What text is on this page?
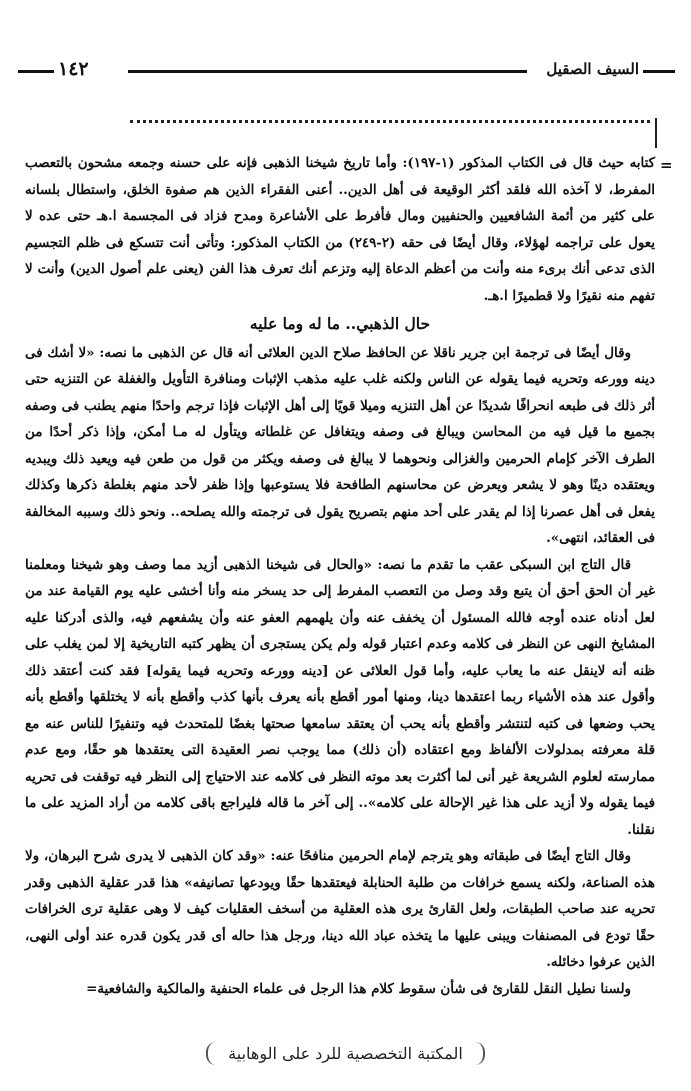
السيف الصقيل
١٤٢
=

كتابه حيث قال فى الكتاب المذكور (١-١٩٧): وأما تاريخ شيخنا الذهبى فإنه على حسنه وجمعه مشحون بالتعصب المفرط، لا آخذه الله فلقد أكثر الوقيعة فى أهل الدين.. أعنى الفقراء الذين هم صفوة الخلق، واستطال بلسانه على كثير من أئمة الشافعيين والحنفيين ومال فأفرط على الأشاعرة ومدح فزاد فى المجسمة ا.هـ حتى عده لا يعول على تراجمه لهؤلاء، وقال أيضًا فى حقه (٢-٢٤٩) من الكتاب المذكور: وتأتى أنت تتسكع فى ظلم التجسيم الذى تدعى أنك برىء منه وأنت من أعظم الدعاة إليه وتزعم أنك تعرف هذا الفن (يعنى علم أصول الدين) وأنت لا تفهم منه نقيرًا ولا قطميرًا ا.هـ.

حال الذهبي.. ما له وما عليه

وقال أيضًا فى ترجمة ابن جرير ناقلا عن الحافظ صلاح الدين العلائى أنه قال عن الذهبى ما نصه: «لا أشك فى دينه وورعه وتحريه فيما يقوله عن الناس ولكنه غلب عليه مذهب الإثبات ومنافرة التأويل والغفلة عن التنزيه حتى أثر ذلك فى طبعه انحرافًا شديدًا عن أهل التنزيه وميلا قويًا إلى أهل الإثبات فإذا ترجم واحدًا منهم يطنب فى وصفه بجميع ما قيل فيه من المحاسن ويبالغ فى وصفه ويتغافل عن غلطاته ويتأول له مـا أمكن، وإذا ذكر أحدًا من الطرف الآخر كإمام الحرمين والغزالى ونحوهما لا يبالغ فى وصفه ويكثر من قول من طعن فيه ويعيد ذلك ويبديه ويعتقده دينًا وهو لا يشعر ويعرض عن محاسنهم الطافحة فلا يستوعبها وإذا ظفر لأحد منهم بغلطة ذكرها وكذلك يفعل فى أهل عصرنا إذا لم يقدر على أحد منهم بتصريح يقول فى ترجمته والله يصلحه.. ونحو ذلك وسببه المخالفة فى العقائد، انتهى».

قال التاج ابن السبكى عقب ما تقدم ما نصه: «والحال فى شيخنا الذهبى أزيد مما وصف وهو شيخنا ومعلمنا غير أن الحق أحق أن يتبع وقد وصل من التعصب المفرط إلى حد يسخر منه وأنا أخشى عليه يوم القيامة عند من لعل أدناه عنده أوجه فالله المسئول أن يخفف عنه وأن يلهمهم العفو عنه وأن يشفعهم فيه، والذى أدركنا عليه المشايخ النهى عن النظر فى كلامه وعدم اعتبار قوله ولم يكن يستجرى أن يظهر كتبه التاريخية إلا لمن يغلب على ظنه أنه لاينقل عنه ما يعاب عليه، وأما قول العلائى عن [دينه وورعه وتحريه فيما يقوله] فقد كنت أعتقد ذلك وأقول عند هذه الأشياء ربما اعتقدها دينا، ومنها أمور أقطع بأنه يعرف بأنها كذب وأقطع بأنه لا يختلقها وأقطع بأنه يحب وضعها فى كتبه لتنتشر وأقطع بأنه يحب أن يعتقد سامعها صحتها بغضًا للمتحدث فيه وتنفيرًا للناس عنه مع قلة معرفته بمدلولات الألفاظ ومع اعتقاده (أن ذلك) مما يوجب نصر العقيدة التى يعتقدها هو حقًا، ومع عدم ممارسته لعلوم الشريعة غير أنى لما أكثرت بعد موته النظر فى كلامه عند الاحتياج إلى النظر فيه توقفت فى تحريه فيما يقوله ولا أزيد على هذا غير الإحالة على كلامه».. إلى آخر ما قاله فليراجع باقى كلامه من أراد المزيد على ما نقلنا.

وقال التاج أيضًا فى طبقاته وهو يترجم لإمام الحرمين منافحًا عنه: «وقد كان الذهبى لا يدرى شرح البرهان، ولا هذه الصناعة، ولكنه يسمع خرافات من طلبة الحنابلة فيعتقدها حقًا ويودعها تصانيفه» هذا قدر عقلية الذهبى وقدر تحريه عند صاحب الطبقات، ولعل القارئ يرى هذه العقلية من أسخف العقليات كيف لا وهى عقلية ترى الخرافات حقًا تودع فى المصنفات ويبنى عليها ما يتخذه عباد الله دينا، ورجل هذا حاله أى قدر يكون قدره عند أولى النهى، الذين عرفوا دخائله.

ولسنا نطيل النقل للقارئ فى شأن سقوط كلام هذا الرجل فى علماء الحنفية والمالكية والشافعية=

المكتبة التخصصية للرد على الوهابية
